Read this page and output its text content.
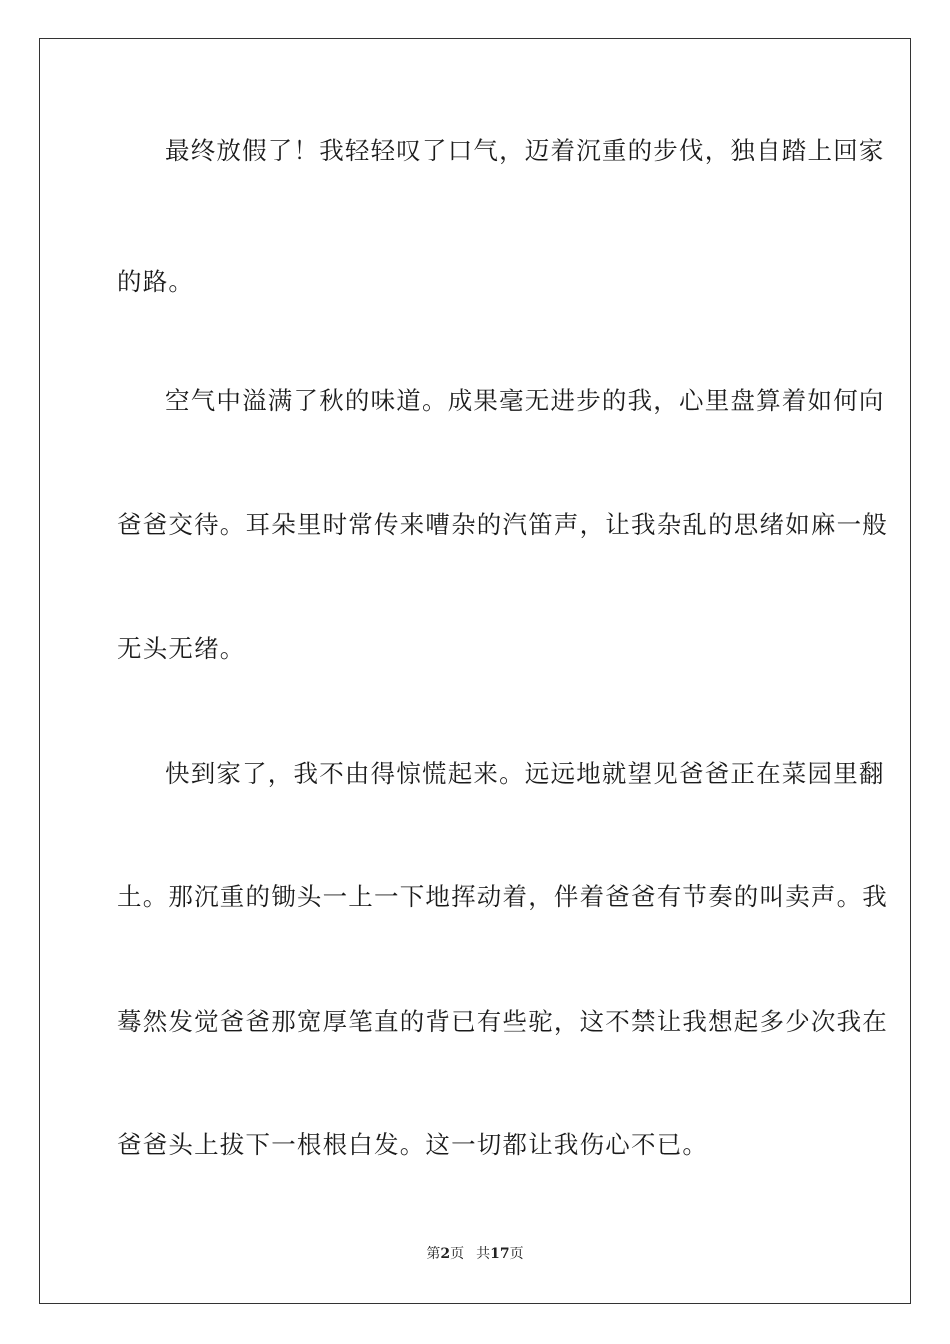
最终放假了！我轻轻叹了口气，迈着沉重的步伐，独自踏上回家
的路。
空气中溢满了秋的味道。成果毫无进步的我，心里盘算着如何向
爸爸交待。耳朵里时常传来嘈杂的汽笛声，让我杂乱的思绪如麻一般
无头无绪。
快到家了，我不由得惊慌起来。远远地就望见爸爸正在菜园里翻
土。那沉重的锄头一上一下地挥动着，伴着爸爸有节奏的叫卖声。我
蓦然发觉爸爸那宽厚笔直的背已有些驼，这不禁让我想起多少次我在
爸爸头上拔下一根根白发。这一切都让我伤心不已。
第2页 共17页
